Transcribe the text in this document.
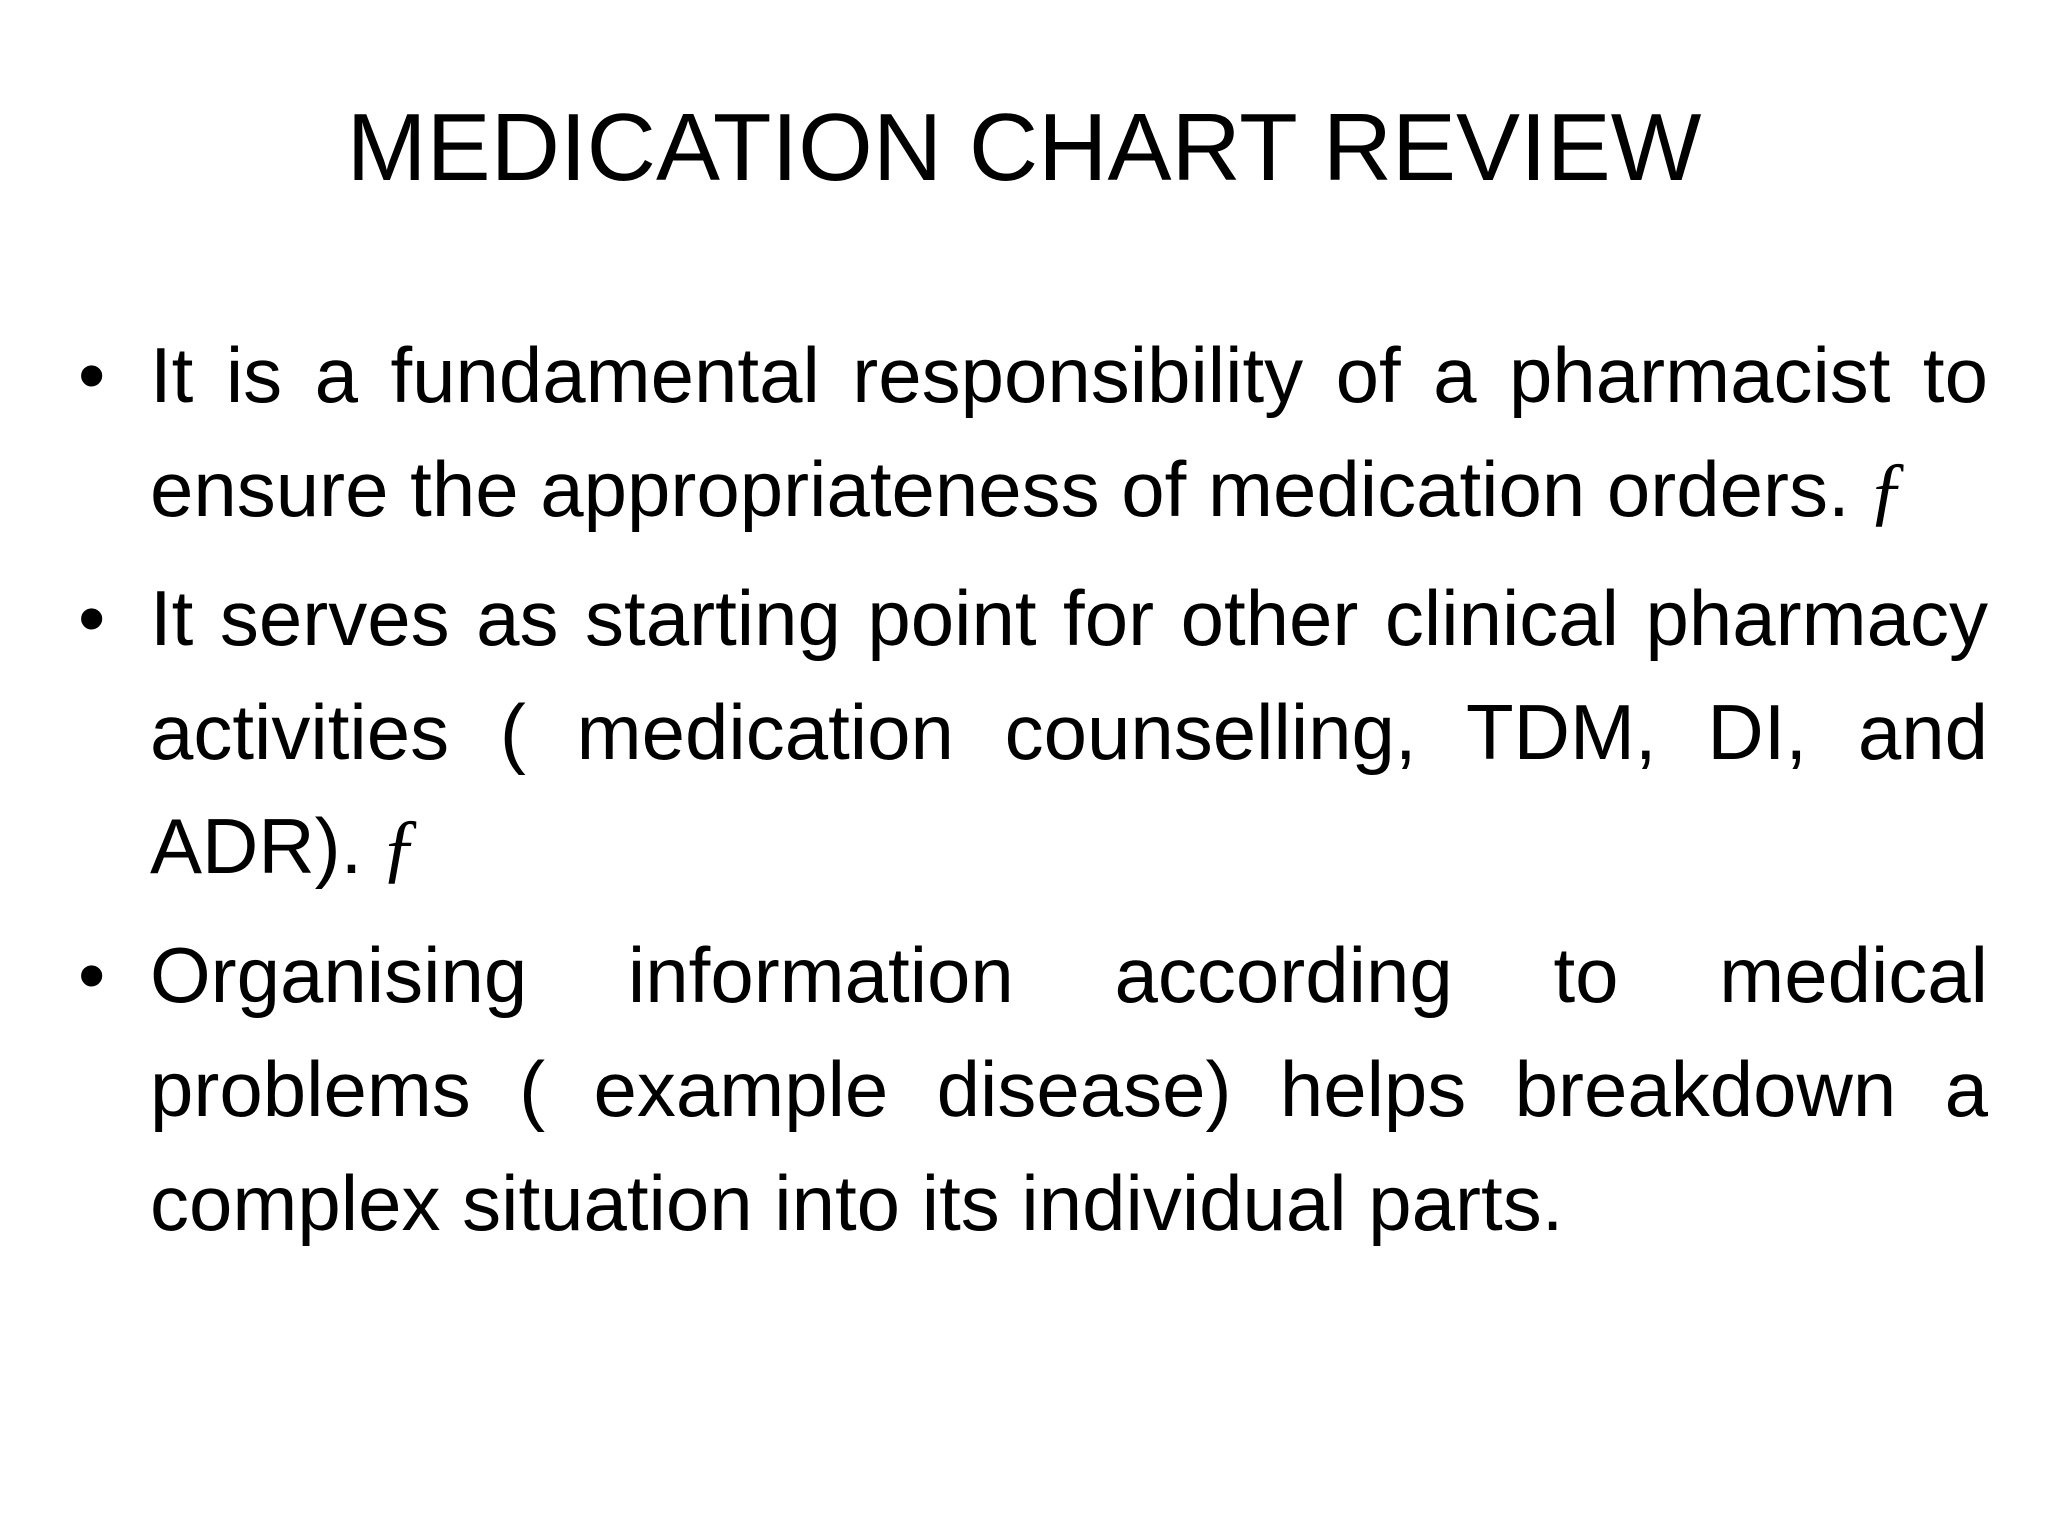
MEDICATION CHART REVIEW
• It is a fundamental responsibility of a pharmacist to ensure the appropriateness of medication orders. ƒ
• It serves as starting point for other clinical pharmacy activities ( medication counselling, TDM, DI, and ADR). ƒ
• Organising information according to medical problems ( example disease) helps breakdown a complex situation into its individual parts.
